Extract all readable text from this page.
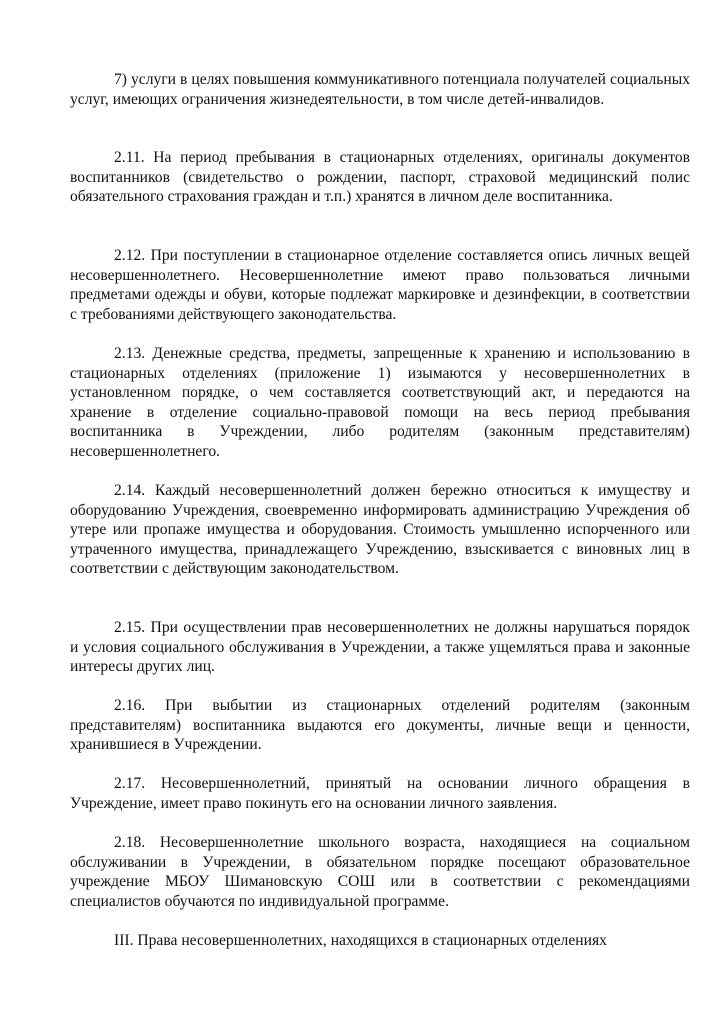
7) услуги в целях повышения коммуникативного потенциала получателей социальных услуг, имеющих ограничения жизнедеятельности, в том числе детей-инвалидов.

2.11. На период пребывания в стационарных отделениях, оригиналы документов воспитанников (свидетельство о рождении, паспорт, страховой медицинский полис обязательного страхования граждан и т.п.) хранятся в личном деле воспитанника.

2.12. При поступлении в стационарное отделение составляется опись личных вещей несовершеннолетнего. Несовершеннолетние имеют право пользоваться личными предметами одежды и обуви, которые подлежат маркировке и дезинфекции, в соответствии с требованиями действующего законодательства.

2.13. Денежные средства, предметы, запрещенные к хранению и использованию в стационарных отделениях (приложение 1) изымаются у несовершеннолетних в установленном порядке, о чем составляется соответствующий акт, и передаются на хранение в отделение социально-правовой помощи на весь период пребывания воспитанника в Учреждении, либо родителям (законным представителям) несовершеннолетнего.

2.14. Каждый несовершеннолетний должен бережно относиться к имуществу и оборудованию Учреждения, своевременно информировать администрацию Учреждения об утере или пропаже имущества и оборудования. Стоимость умышленно испорченного или утраченного имущества, принадлежащего Учреждению, взыскивается с виновных лиц в соответствии с действующим законодательством.

2.15. При осуществлении прав несовершеннолетних не должны нарушаться порядок и условия социального обслуживания в Учреждении, а также ущемляться права и законные интересы других лиц.

2.16. При выбытии из стационарных отделений родителям (законным представителям) воспитанника выдаются его документы, личные вещи и ценности, хранившиеся в Учреждении.

2.17. Несовершеннолетний, принятый на основании личного обращения в Учреждение, имеет право покинуть его на основании личного заявления.

2.18. Несовершеннолетние школьного возраста, находящиеся на социальном обслуживании в Учреждении, в обязательном порядке посещают образовательное учреждение МБОУ Шимановскую СОШ или в соответствии с рекомендациями специалистов обучаются по индивидуальной программе.

III. Права несовершеннолетних, находящихся в стационарных отделениях
